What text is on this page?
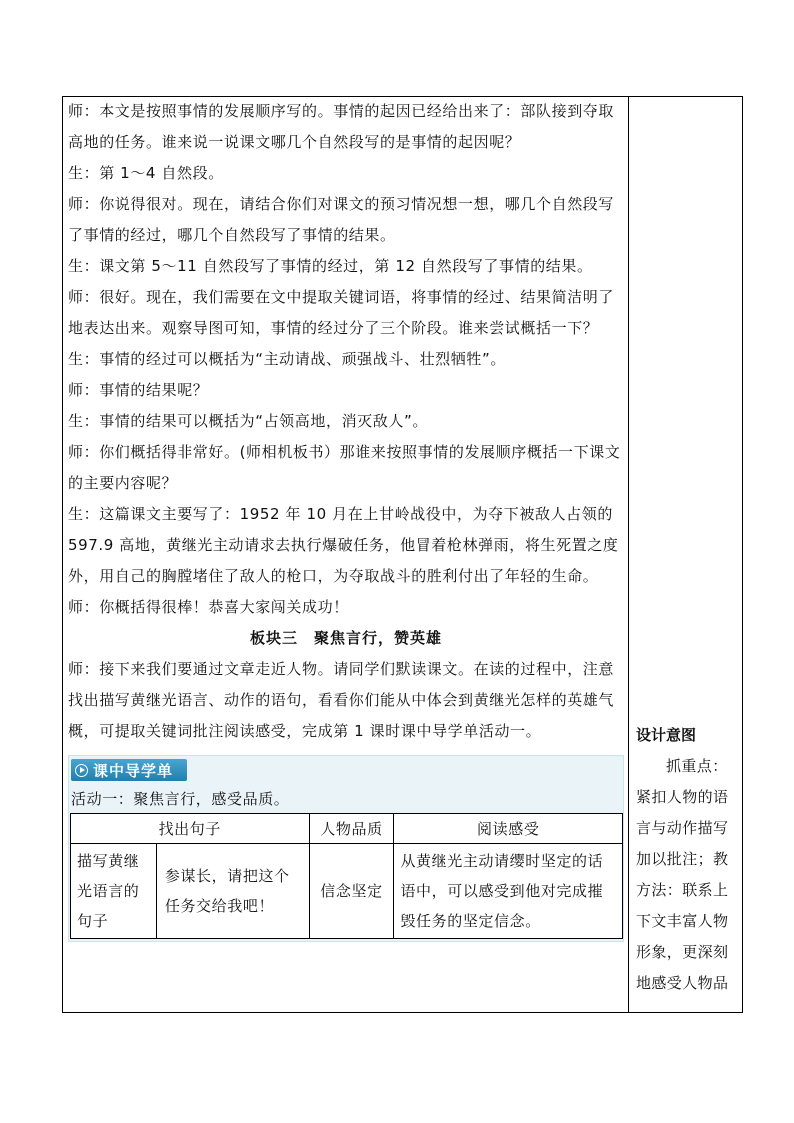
师：本文是按照事情的发展顺序写的。事情的起因已经给出来了：部队接到夺取高地的任务。谁来说一说课文哪几个自然段写的是事情的起因呢？

生：第 1～4 自然段。

师：你说得很对。现在，请结合你们对课文的预习情况想一想，哪几个自然段写了事情的经过，哪几个自然段写了事情的结果。

生：课文第 5～11 自然段写了事情的经过，第 12 自然段写了事情的结果。

师：很好。现在，我们需要在文中提取关键词语，将事情的经过、结果简洁明了地表达出来。观察导图可知，事情的经过分了三个阶段。谁来尝试概括一下？

生：事情的经过可以概括为“主动请战、顽强战斗、壮烈牺牲”。

师：事情的结果呢？

生：事情的结果可以概括为“占领高地，消灭敌人”。

师：你们概括得非常好。(师相机板书）那谁来按照事情的发展顺序概括一下课文的主要内容呢？

生：这篇课文主要写了：1952 年 10 月在上甘岭战役中，为夺下被敌人占领的 597.9 高地，黄继光主动请求去执行爆破任务，他冒着枪林弹雨，将生死置之度外，用自己的胸膛堵住了敌人的枪口，为夺取战斗的胜利付出了年轻的生命。

师：你概括得很棒！恭喜大家闯关成功！

板块三 聚焦言行，赞英雄

师：接下来我们要通过文章走近人物。请同学们默读课文。在读的过程中，注意找出描写黄继光语言、动作的语句，看看你们能从中体会到黄继光怎样的英雄气概，可提取关键词批注阅读感受，完成第 1 课时课中导学单活动一。

课中导学单
活动一：聚焦言行，感受品质。
找出句子		人物品质	阅读感受
描写黄继光语言的句子	参谋长，请把这个任务交给我吧！	信念坚定	从黄继光主动请缨时坚定的话语中，可以感受到他对完成摧毁任务的坚定信念。
设计意图

抓重点：紧扣人物的语言与动作描写加以批注；教方法：联系上下文丰富人物形象，更深刻地感受人物品
